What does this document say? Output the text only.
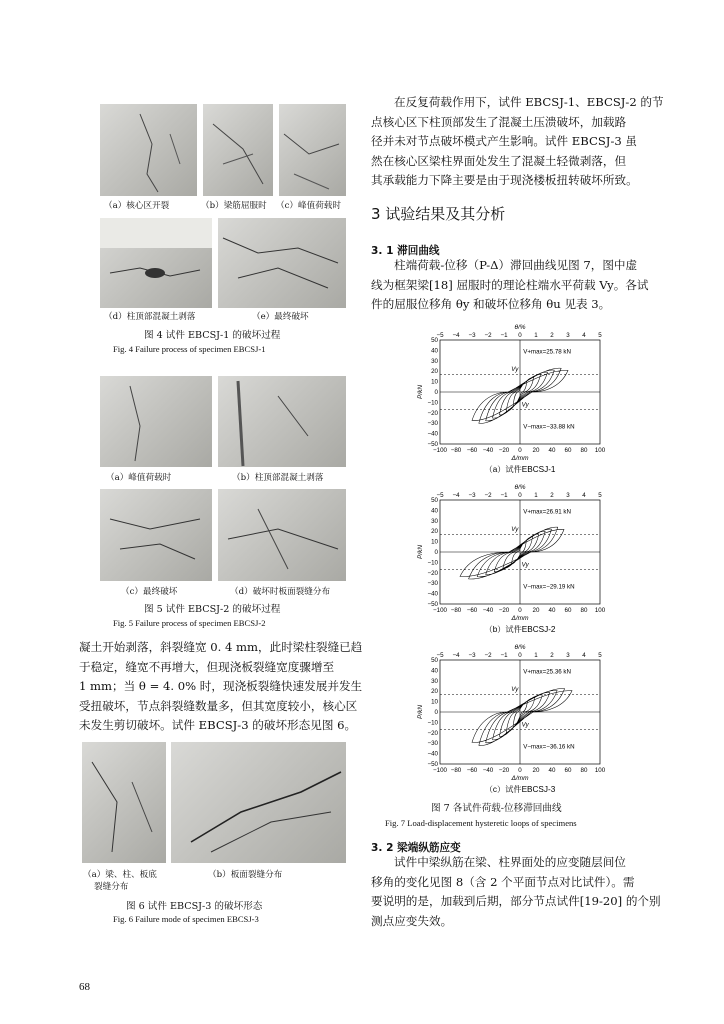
（a）核心区开裂	（b）梁筋屈服时 （c）峰值荷载时
（d）柱顶部混凝土剥落	（e）最终破坏
图 4 试件 EBCSJ-1 的破坏过程
Fig. 4 Failure process of specimen EBCSJ-1
（a）峰值荷载时	（b）柱顶部混凝土剥落
（c）最终破坏	（d）破坏时板面裂缝分布
图 5 试件 EBCSJ-2 的破坏过程
Fig. 5 Failure process of specimen EBCSJ-2
凝土开始剥落，斜裂缝宽 0. 4 mm，此时梁柱裂缝已趋
于稳定，缝宽不再增大，但现浇板裂缝宽度骤增至
1 mm；当 θ = 4. 0% 时，现浇板裂缝快速发展并发生
受扭破坏，节点斜裂缝数量多，但其宽度较小，核心区
未发生剪切破坏。试件 EBCSJ-3 的破坏形态见图 6。
（a）梁、柱、板底
裂缝分布
（b）板面裂缝分布
图 6 试件 EBCSJ-3 的破坏形态
Fig. 6 Failure mode of specimen EBCSJ-3
68
在反复荷载作用下，试件 EBCSJ-1、EBCSJ-2 的节
点核心区下柱顶部发生了混凝土压溃破坏，加载路
径并未对节点破坏模式产生影响。试件 EBCSJ-3 虽
然在核心区梁柱界面处发生了混凝土轻微剥落，但
其承载能力下降主要是由于现浇楼板扭转破坏所致。
3 试验结果及其分析
3. 1 滞回曲线
柱端荷载-位移（P-Δ）滞回曲线见图 7，图中虚
线为框架梁[18] 屈服时的理论柱端水平荷载 Vy。各试
件的屈服位移角 θy 和破坏位移角 θu 见表 3。
−100 −80 −60 −40 −20 0 20 40 60 80 100
−5 −4 −3 −2 −1 0 1 2 3 4 5
50
40
30
20
10
0
−10
−20
−30
−40
−50
Δ/mm
θ/%
P/kN
V+max=25.78 kN
V−max=−33.88 kN
Vy
Vy
（a）试件EBCSJ-1
−100 −80 −60 −40 −20 0 20 40 60 80 100
−5 −4 −3 −2 −1 0 1 2 3 4 5
50
40
30
20
10
0
−10
−20
−30
−40
−50
Δ/mm
θ/%
P/kN
V+max=26.91 kN
V−max=−29.19 kN
Vy
Vy
（b）试件EBCSJ-2
−100 −80 −60 −40 −20 0 20 40 60 80 100
−5 −4 −3 −2 −1 0 1 2 3 4 5
50
40
30
20
10
0
−10
−20
−30
−40
−50
Δ/mm
θ/%
P/kN
V+max=25.36 kN
V−max=−36.16 kN
Vy
Vy
（c）试件EBCSJ-3
图 7 各试件荷载-位移滞回曲线
Fig. 7 Load-displacement hysteretic loops of specimens
3. 2 梁端纵筋应变
试件中梁纵筋在梁、柱界面处的应变随层间位
移角的变化见图 8（含 2 个平面节点对比试件）。需
要说明的是，加载到后期，部分节点试件[19-20] 的个别
测点应变失效。
